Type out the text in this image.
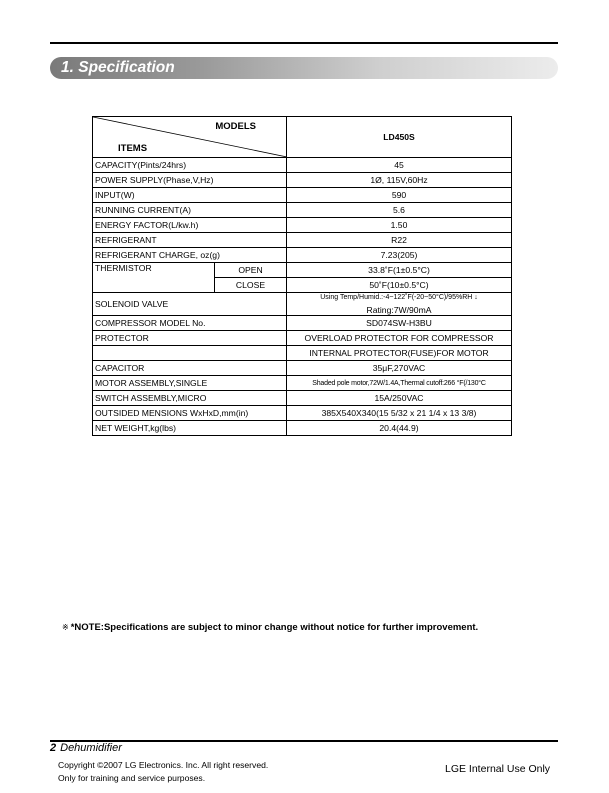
1. Specification
MODELS
ITEMS		LD450S
CAPACITY(Pints/24hrs)		45
POWER SUPPLY(Phase,V,Hz)		1Ø, 115V,60Hz
INPUT(W)		590
RUNNING CURRENT(A)		5.6
ENERGY FACTOR(L/kw.h)		1.50
REFRIGERANT		R22
REFRIGERANT CHARGE, oz(g)		7.23(205)
THERMISTOR	OPEN	33.8˚F(1±0.5°C)
	CLOSE	50˚F(10±0.5°C)
SOLENOID VALVE		Using Temp/Humid.:-4~122˚F(-20~50°C)/95%RH ↓
Rating:7W/90mA

COMPRESSOR MODEL No.		SD074SW-H3BU
PROTECTOR		OVERLOAD PROTECTOR FOR COMPRESSOR
		INTERNAL PROTECTOR(FUSE)FOR MOTOR
CAPACITOR		35μF,270VAC
MOTOR ASSEMBLY,SINGLE		Shaded pole motor,72W/1.4A,Thermal cutoff:266 °F(/130°C
SWITCH ASSEMBLY,MICRO		15A/250VAC
OUTSIDED MENSIONS WxHxD,mm(in)		385X540X340(15 5/32 x 21 1/4 x 13 3/8)
NET WEIGHT,kg(lbs)		20.4(44.9)
※ *NOTE:Specifications are subject to minor change without notice for further improvement.
2 Dehumidifier
Copyright ©2007 LG Electronics. Inc. All right reserved.
Only for training and service purposes.
LGE Internal Use Only
